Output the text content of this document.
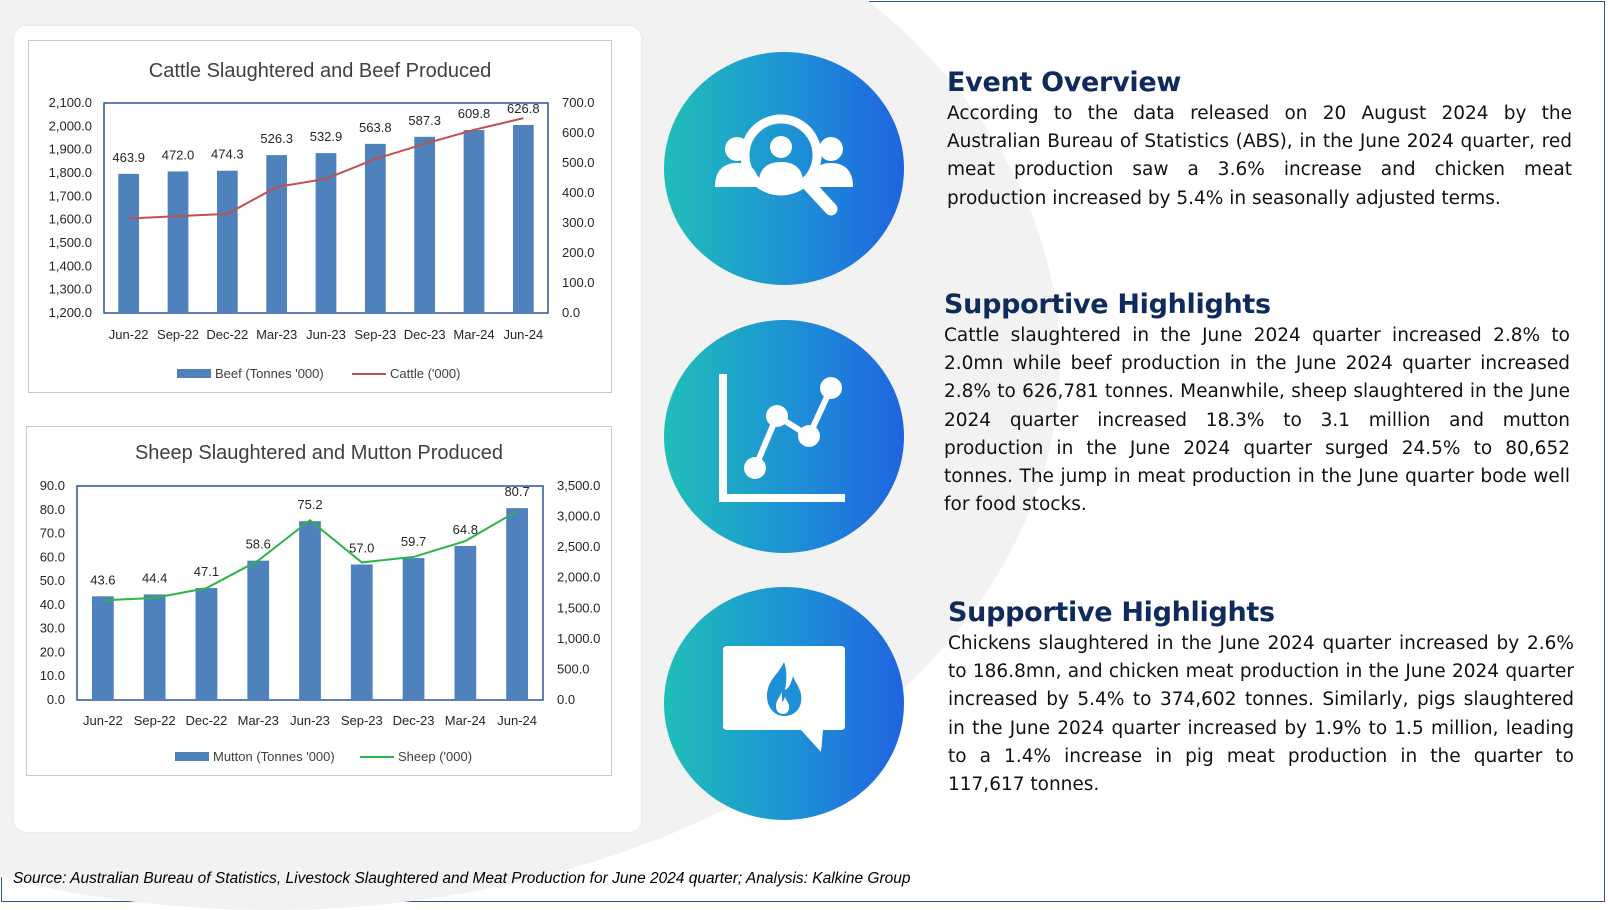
Cattle Slaughtered and Beef Produced
1,200.0
1,300.0
1,400.0
1,500.0
1,600.0
1,700.0
1,800.0
1,900.0
2,000.0
2,100.0
0.0
100.0
200.0
300.0
400.0
500.0
600.0
700.0
463.9 472.0 474.3
526.3 532.9
563.8 587.3 609.8 626.8
Jun-22 Sep-22 Dec-22 Mar-23 Jun-23 Sep-23 Dec-23 Mar-24 Jun-24
Beef (Tonnes '000)	Cattle ('000)
Sheep Slaughtered and Mutton Produced
0.0
10.0
20.0
30.0
40.0
50.0
60.0
70.0
80.0
90.0
0.0
500.0
1,000.0
1,500.0
2,000.0
2,500.0
3,000.0
3,500.0
43.6 44.4 47.1
58.6
75.2
57.0 59.7
64.8
80.7
Jun-22 Sep-22 Dec-22 Mar-23 Jun-23 Sep-23 Dec-23 Mar-24 Jun-24
Mutton (Tonnes '000)	Sheep ('000)
Event Overview

According to the data released on 20 August 2024 by the Australian Bureau of Statistics (ABS), in the June 2024 quarter, red meat production saw a 3.6% increase and chicken meat production increased by 5.4% in seasonally adjusted terms.

Supportive Highlights

Cattle slaughtered in the June 2024 quarter increased 2.8% to 2.0mn while beef production in the June 2024 quarter increased 2.8% to 626,781 tonnes. Meanwhile, sheep slaughtered in the June 2024 quarter increased 18.3% to 3.1 million and mutton production in the June 2024 quarter surged 24.5% to 80,652 tonnes. The jump in meat production in the June quarter bode well for food stocks.

Supportive Highlights

Chickens slaughtered in the June 2024 quarter increased by 2.6% to 186.8mn, and chicken meat production in the June 2024 quarter increased by 5.4% to 374,602 tonnes. Similarly, pigs slaughtered in the June 2024 quarter increased by 1.9% to 1.5 million, leading to a 1.4% increase in pig meat production in the quarter to 117,617 tonnes.

Source: Australian Bureau of Statistics, Livestock Slaughtered and Meat Production for June 2024 quarter; Analysis: Kalkine Group
